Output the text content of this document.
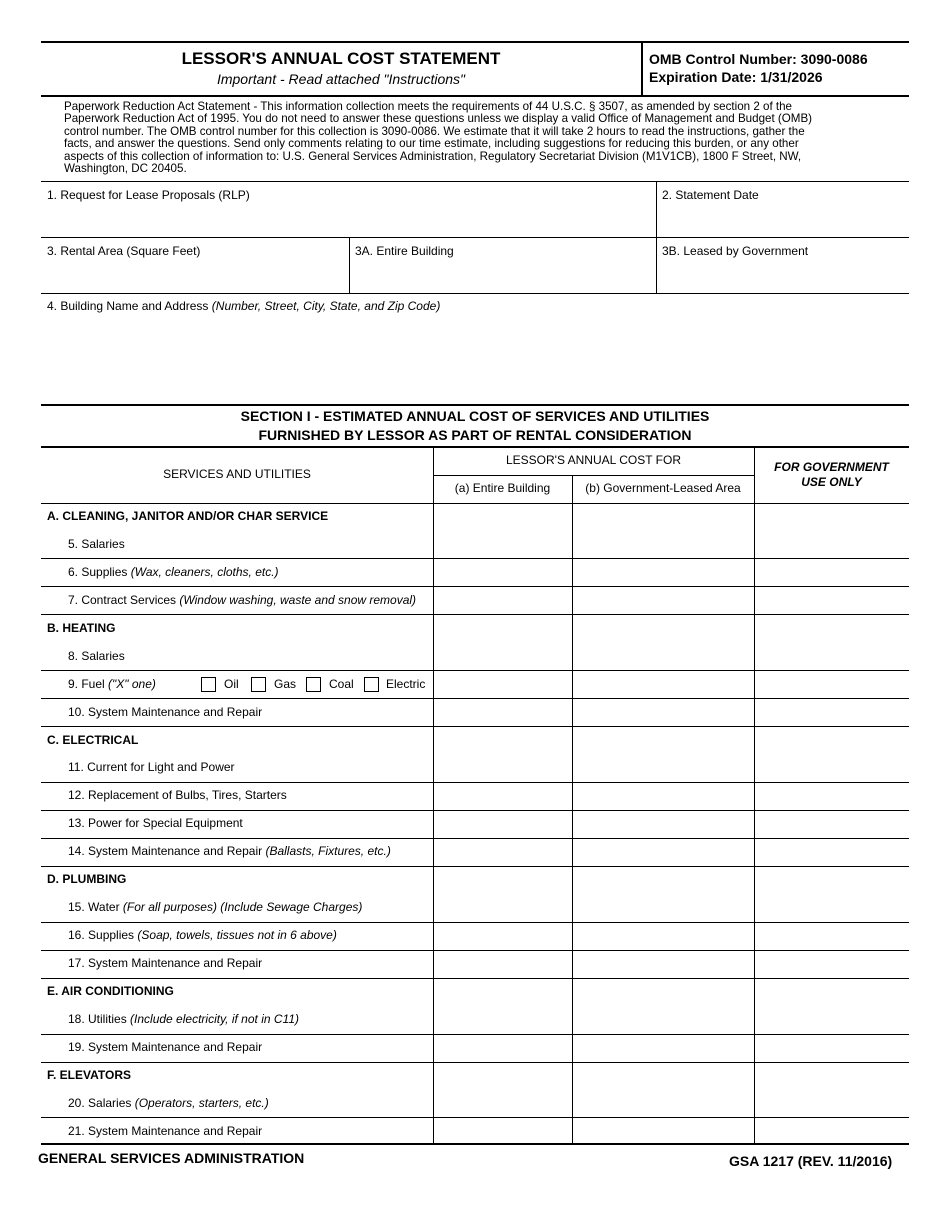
LESSOR'S ANNUAL COST STATEMENT
Important - Read attached "Instructions"
OMB Control Number: 3090-0086
Expiration Date: 1/31/2026
Paperwork Reduction Act Statement - This information collection meets the requirements of 44 U.S.C. § 3507, as amended by section 2 of the
Paperwork Reduction Act of 1995. You do not need to answer these questions unless we display a valid Office of Management and Budget (OMB)
control number. The OMB control number for this collection is 3090-0086. We estimate that it will take 2 hours to read the instructions, gather the
facts, and answer the questions. Send only comments relating to our time estimate, including suggestions for reducing this burden, or any other
aspects of this collection of information to: U.S. General Services Administration, Regulatory Secretariat Division (M1V1CB), 1800 F Street, NW,
Washington, DC 20405.
1. Request for Lease Proposals (RLP)	2. Statement Date
3. Rental Area (Square Feet)	3A. Entire Building	3B. Leased by Government
4. Building Name and Address (Number, Street, City, State, and Zip Code)
SECTION I - ESTIMATED ANNUAL COST OF SERVICES AND UTILITIES
FURNISHED BY LESSOR AS PART OF RENTAL CONSIDERATION
SERVICES AND UTILITIES
LESSOR'S ANNUAL COST FOR
(a) Entire Building	(b) Government-Leased Area
FOR GOVERNMENT
USE ONLY
A. CLEANING, JANITOR AND/OR CHAR SERVICE
5. Salaries
6. Supplies (Wax, cleaners, cloths, etc.)
7. Contract Services (Window washing, waste and snow removal)
B. HEATING
8. Salaries
9. Fuel ("X" one)	Oil	Gas	Coal	Electric
10. System Maintenance and Repair
C. ELECTRICAL
11. Current for Light and Power
12. Replacement of Bulbs, Tires, Starters
13. Power for Special Equipment
14. System Maintenance and Repair (Ballasts, Fixtures, etc.)
D. PLUMBING
15. Water (For all purposes) (Include Sewage Charges)
16. Supplies (Soap, towels, tissues not in 6 above)
17. System Maintenance and Repair
E. AIR CONDITIONING
18. Utilities (Include electricity, if not in C11)
19. System Maintenance and Repair
F. ELEVATORS
20. Salaries (Operators, starters, etc.)
21. System Maintenance and Repair
GENERAL SERVICES ADMINISTRATION	GSA 1217 (REV. 11/2016)
